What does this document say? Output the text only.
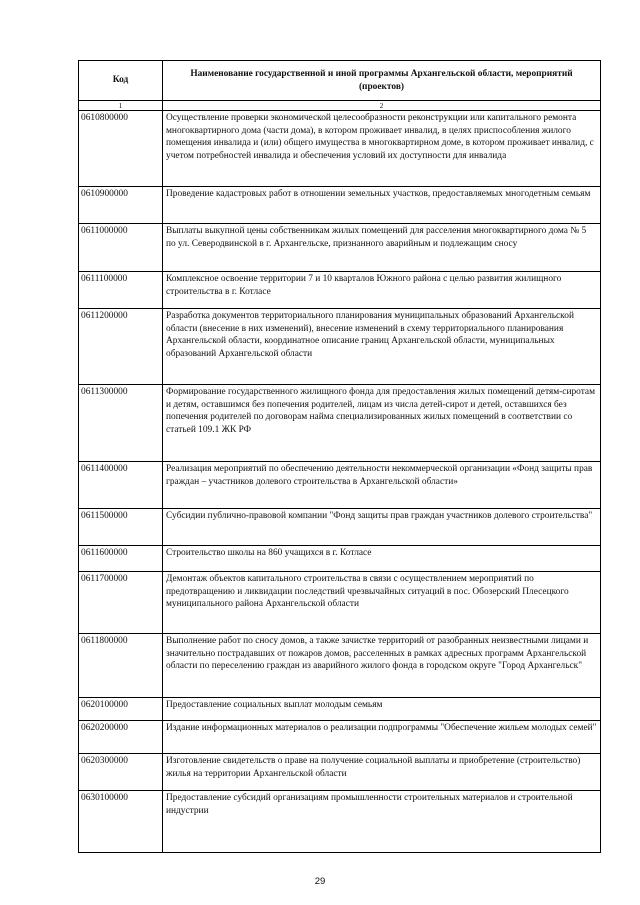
Код	Наименование государственной и иной программы Архангельской области, мероприятий (проектов)
1	2
0610800000	Осуществление проверки экономической целесообразности реконструкции или капитального ремонта многоквартирного дома (части дома), в котором проживает инвалид, в целях приспособления жилого помещения инвалида и (или) общего имущества в многоквартирном доме, в котором проживает инвалид, с учетом потребностей инвалида и обеспечения условий их доступности для инвалида
0610900000	Проведение кадастровых работ в отношении земельных участков, предоставляемых многодетным семьям
0611000000	Выплаты выкупной цены собственникам жилых помещений для расселения многоквартирного дома № 5 по ул. Северодвинской в г. Архангельске, признанного аварийным и подлежащим сносу
0611100000	Комплексное освоение территории 7 и 10 кварталов Южного района с целью развития жилищного строительства в г. Котласе
0611200000	Разработка документов территориального планирования муниципальных образований Архангельской области (внесение в них изменений), внесение изменений в схему территориального планирования Архангельской области, координатное описание границ Архангельской области, муниципальных образований Архангельской области
0611300000	Формирование государственного жилищного фонда для предоставления жилых помещений детям-сиротам и детям, оставшимся без попечения родителей, лицам из числа детей-сирот и детей, оставшихся без попечения родителей по договорам найма специализированных жилых помещений в соответствии со статьей 109.1 ЖК РФ
0611400000	Реализация мероприятий по обеспечению деятельности некоммерческой организации «Фонд защиты прав граждан – участников долевого строительства в Архангельской области»
0611500000	Субсидии публично-правовой компании "Фонд защиты прав граждан участников долевого строительства"
0611600000	Строительство школы на 860 учащихся в г. Котласе
0611700000	Демонтаж объектов капитального строительства в связи с осуществлением мероприятий по предотвращению и ликвидации последствий чрезвычайных ситуаций в пос. Обозерский Плесецкого муниципального района Архангельской области
0611800000	Выполнение работ по сносу домов, а также зачистке территорий от разобранных неизвестными лицами и значительно пострадавших от пожаров домов, расселенных в рамках адресных программ Архангельской области по переселению граждан из аварийного жилого фонда в городском округе "Город Архангельск"
0620100000	Предоставление социальных выплат молодым семьям
0620200000	Издание информационных материалов о реализации подпрограммы "Обеспечение жильем молодых семей"
0620300000	Изготовление свидетельств о праве на получение социальной выплаты и приобретение (строительство) жилья на территории Архангельской области
0630100000	Предоставление субсидий организациям промышленности строительных материалов и строительной индустрии
29
